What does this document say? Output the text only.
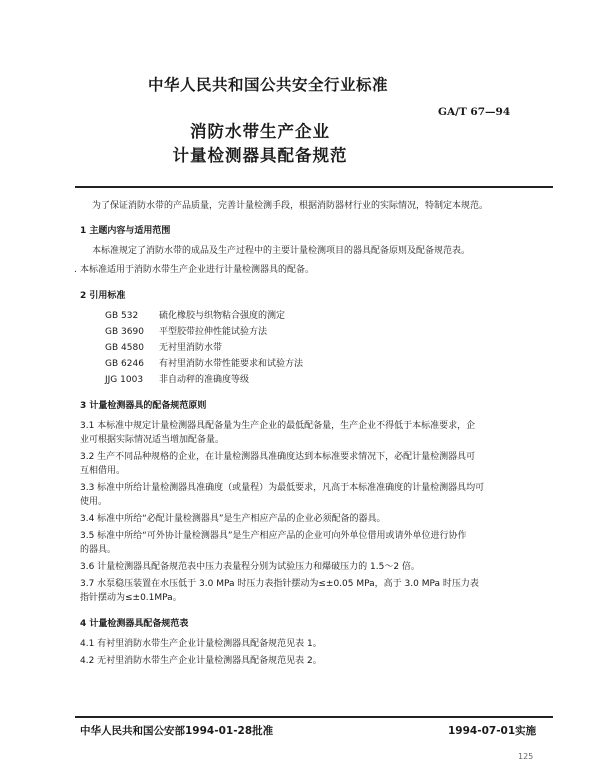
中华人民共和国公共安全行业标准
GA/T 67—94
消防水带生产企业
计量检测器具配备规范
为了保证消防水带的产品质量，完善计量检测手段，根据消防器材行业的实际情况，特制定本规范。
1 主题内容与适用范围
本标准规定了消防水带的成品及生产过程中的主要计量检测项目的器具配备原则及配备规范表。
. 本标准适用于消防水带生产企业进行计量检测器具的配备。
2 引用标准
GB 532 硫化橡胶与织物粘合强度的测定
GB 3690 平型胶带拉伸性能试验方法
GB 4580 无衬里消防水带
GB 6246 有衬里消防水带性能要求和试验方法
JJG 1003 非自动秤的准确度等级
3 计量检测器具的配备规范原则
3.1 本标准中规定计量检测器具配备量为生产企业的最低配备量，生产企业不得低于本标准要求，企
业可根据实际情况适当增加配备量。
3.2 生产不同品种规格的企业，在计量检测器具准确度达到本标准要求情况下，必配计量检测器具可
互相借用。
3.3 标准中所给计量检测器具准确度（或量程）为最低要求，凡高于本标准准确度的计量检测器具均可
使用。
3.4 标准中所给“必配计量检测器具”是生产相应产品的企业必须配备的器具。
3.5 标准中所给“可外协计量检测器具”是生产相应产品的企业可向外单位借用或请外单位进行协作
的器具。
3.6 计量检测器具配备规范表中压力表量程分别为试验压力和爆破压力的 1.5～2 倍。
3.7 水泵稳压装置在水压低于 3.0 MPa 时压力表指针摆动为≤±0.05 MPa，高于 3.0 MPa 时压力表
指针摆动为≤±0.1MPa。
4 计量检测器具配备规范表
4.1 有衬里消防水带生产企业计量检测器具配备规范见表 1。
4.2 无衬里消防水带生产企业计量检测器具配备规范见表 2。
中华人民共和国公安部1994-01-28批准	1994-07-01实施
125
